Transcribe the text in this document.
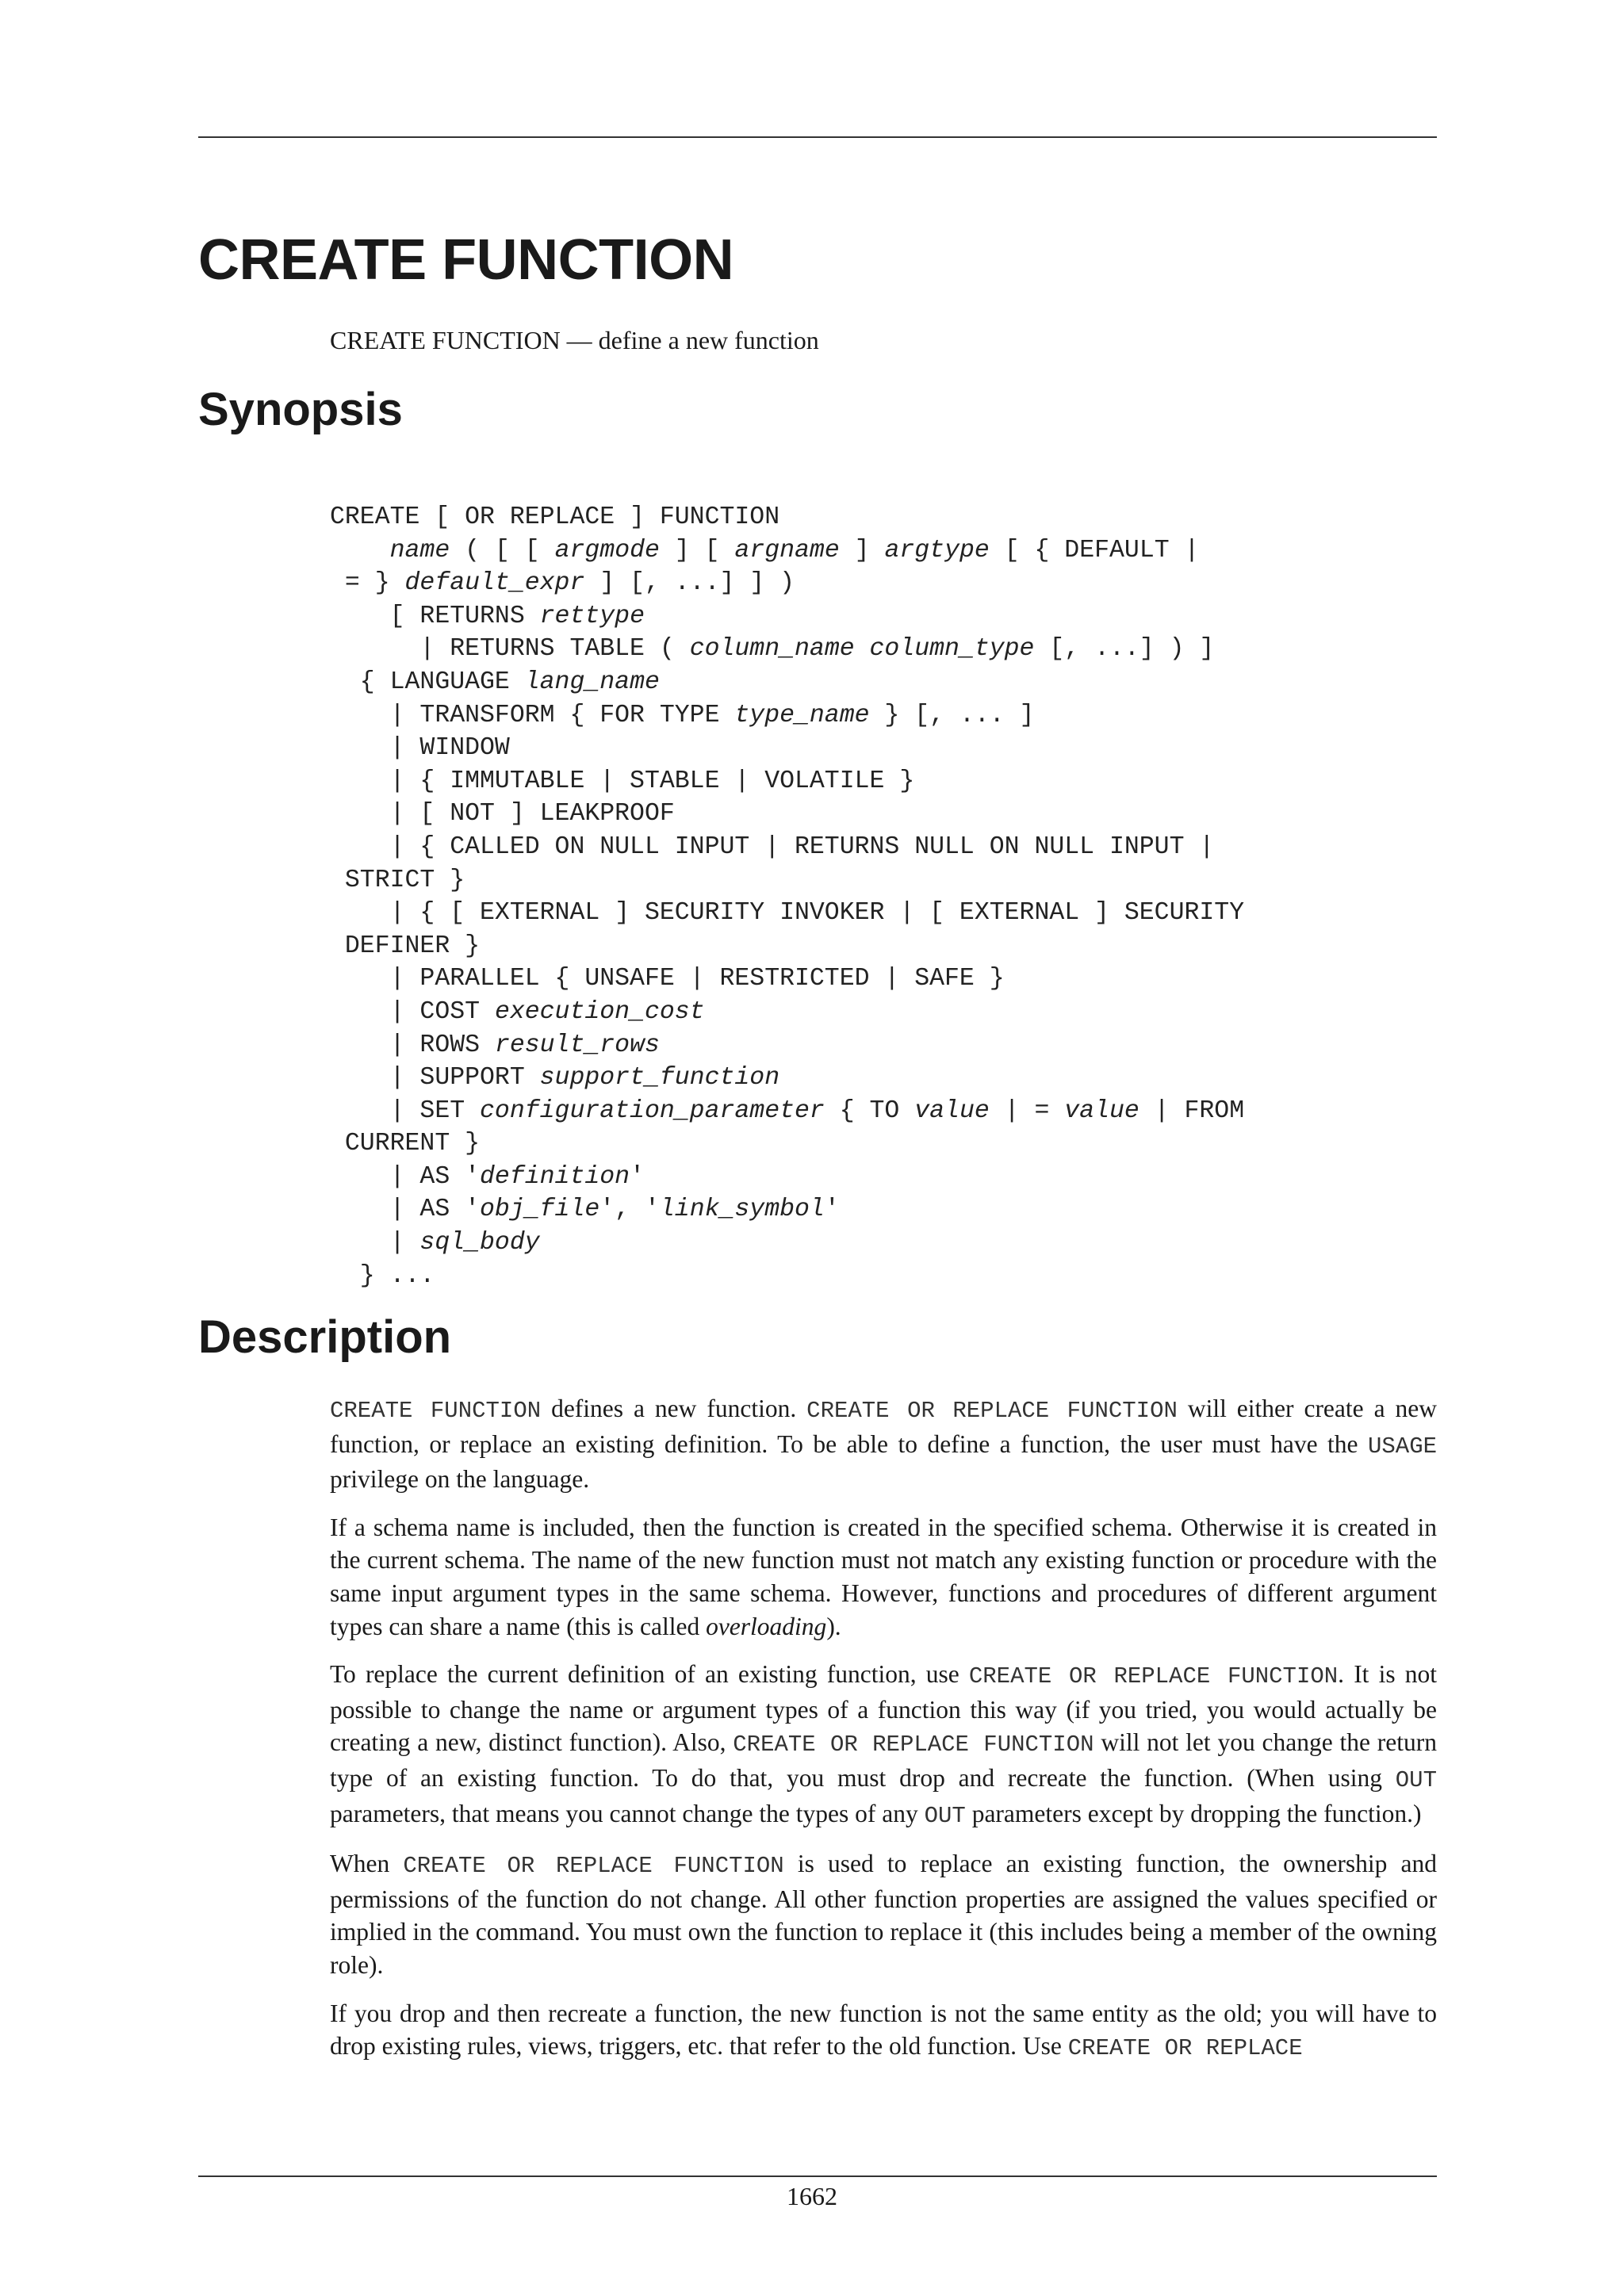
CREATE FUNCTION
CREATE FUNCTION — define a new function
Synopsis
CREATE [ OR REPLACE ] FUNCTION
name ( [ [ argmode ] [ argname ] argtype [ { DEFAULT |
= } default_expr ] [, ...] ] )
[ RETURNS rettype
| RETURNS TABLE ( column_name column_type [, ...] ) ]
{ LANGUAGE lang_name
| TRANSFORM { FOR TYPE type_name } [, ... ]
| WINDOW
| { IMMUTABLE | STABLE | VOLATILE }
| [ NOT ] LEAKPROOF
| { CALLED ON NULL INPUT | RETURNS NULL ON NULL INPUT |
STRICT }
| { [ EXTERNAL ] SECURITY INVOKER | [ EXTERNAL ] SECURITY
DEFINER }
| PARALLEL { UNSAFE | RESTRICTED | SAFE }
| COST execution_cost
| ROWS result_rows
| SUPPORT support_function
| SET configuration_parameter { TO value | = value | FROM
CURRENT }
| AS 'definition'
| AS 'obj_file', 'link_symbol'
| sql_body
} ...
Description

CREATE FUNCTION defines a new function. CREATE OR REPLACE FUNCTION will either create a new function, or replace an existing definition. To be able to define a function, the user must have the USAGE privilege on the language.

If a schema name is included, then the function is created in the specified schema. Otherwise it is created in the current schema. The name of the new function must not match any existing function or procedure with the same input argument types in the same schema. However, functions and procedures of different argument types can share a name (this is called overloading).

To replace the current definition of an existing function, use CREATE OR REPLACE FUNCTION. It is not possible to change the name or argument types of a function this way (if you tried, you would actually be creating a new, distinct function). Also, CREATE OR REPLACE FUNCTION will not let you change the return type of an existing function. To do that, you must drop and recreate the function. (When using OUT parameters, that means you cannot change the types of any OUT parameters except by dropping the function.)

When CREATE OR REPLACE FUNCTION is used to replace an existing function, the ownership and permissions of the function do not change. All other function properties are assigned the values specified or implied in the command. You must own the function to replace it (this includes being a member of the owning role).

If you drop and then recreate a function, the new function is not the same entity as the old; you will have to drop existing rules, views, triggers, etc. that refer to the old function. Use CREATE OR REPLACE

1662
